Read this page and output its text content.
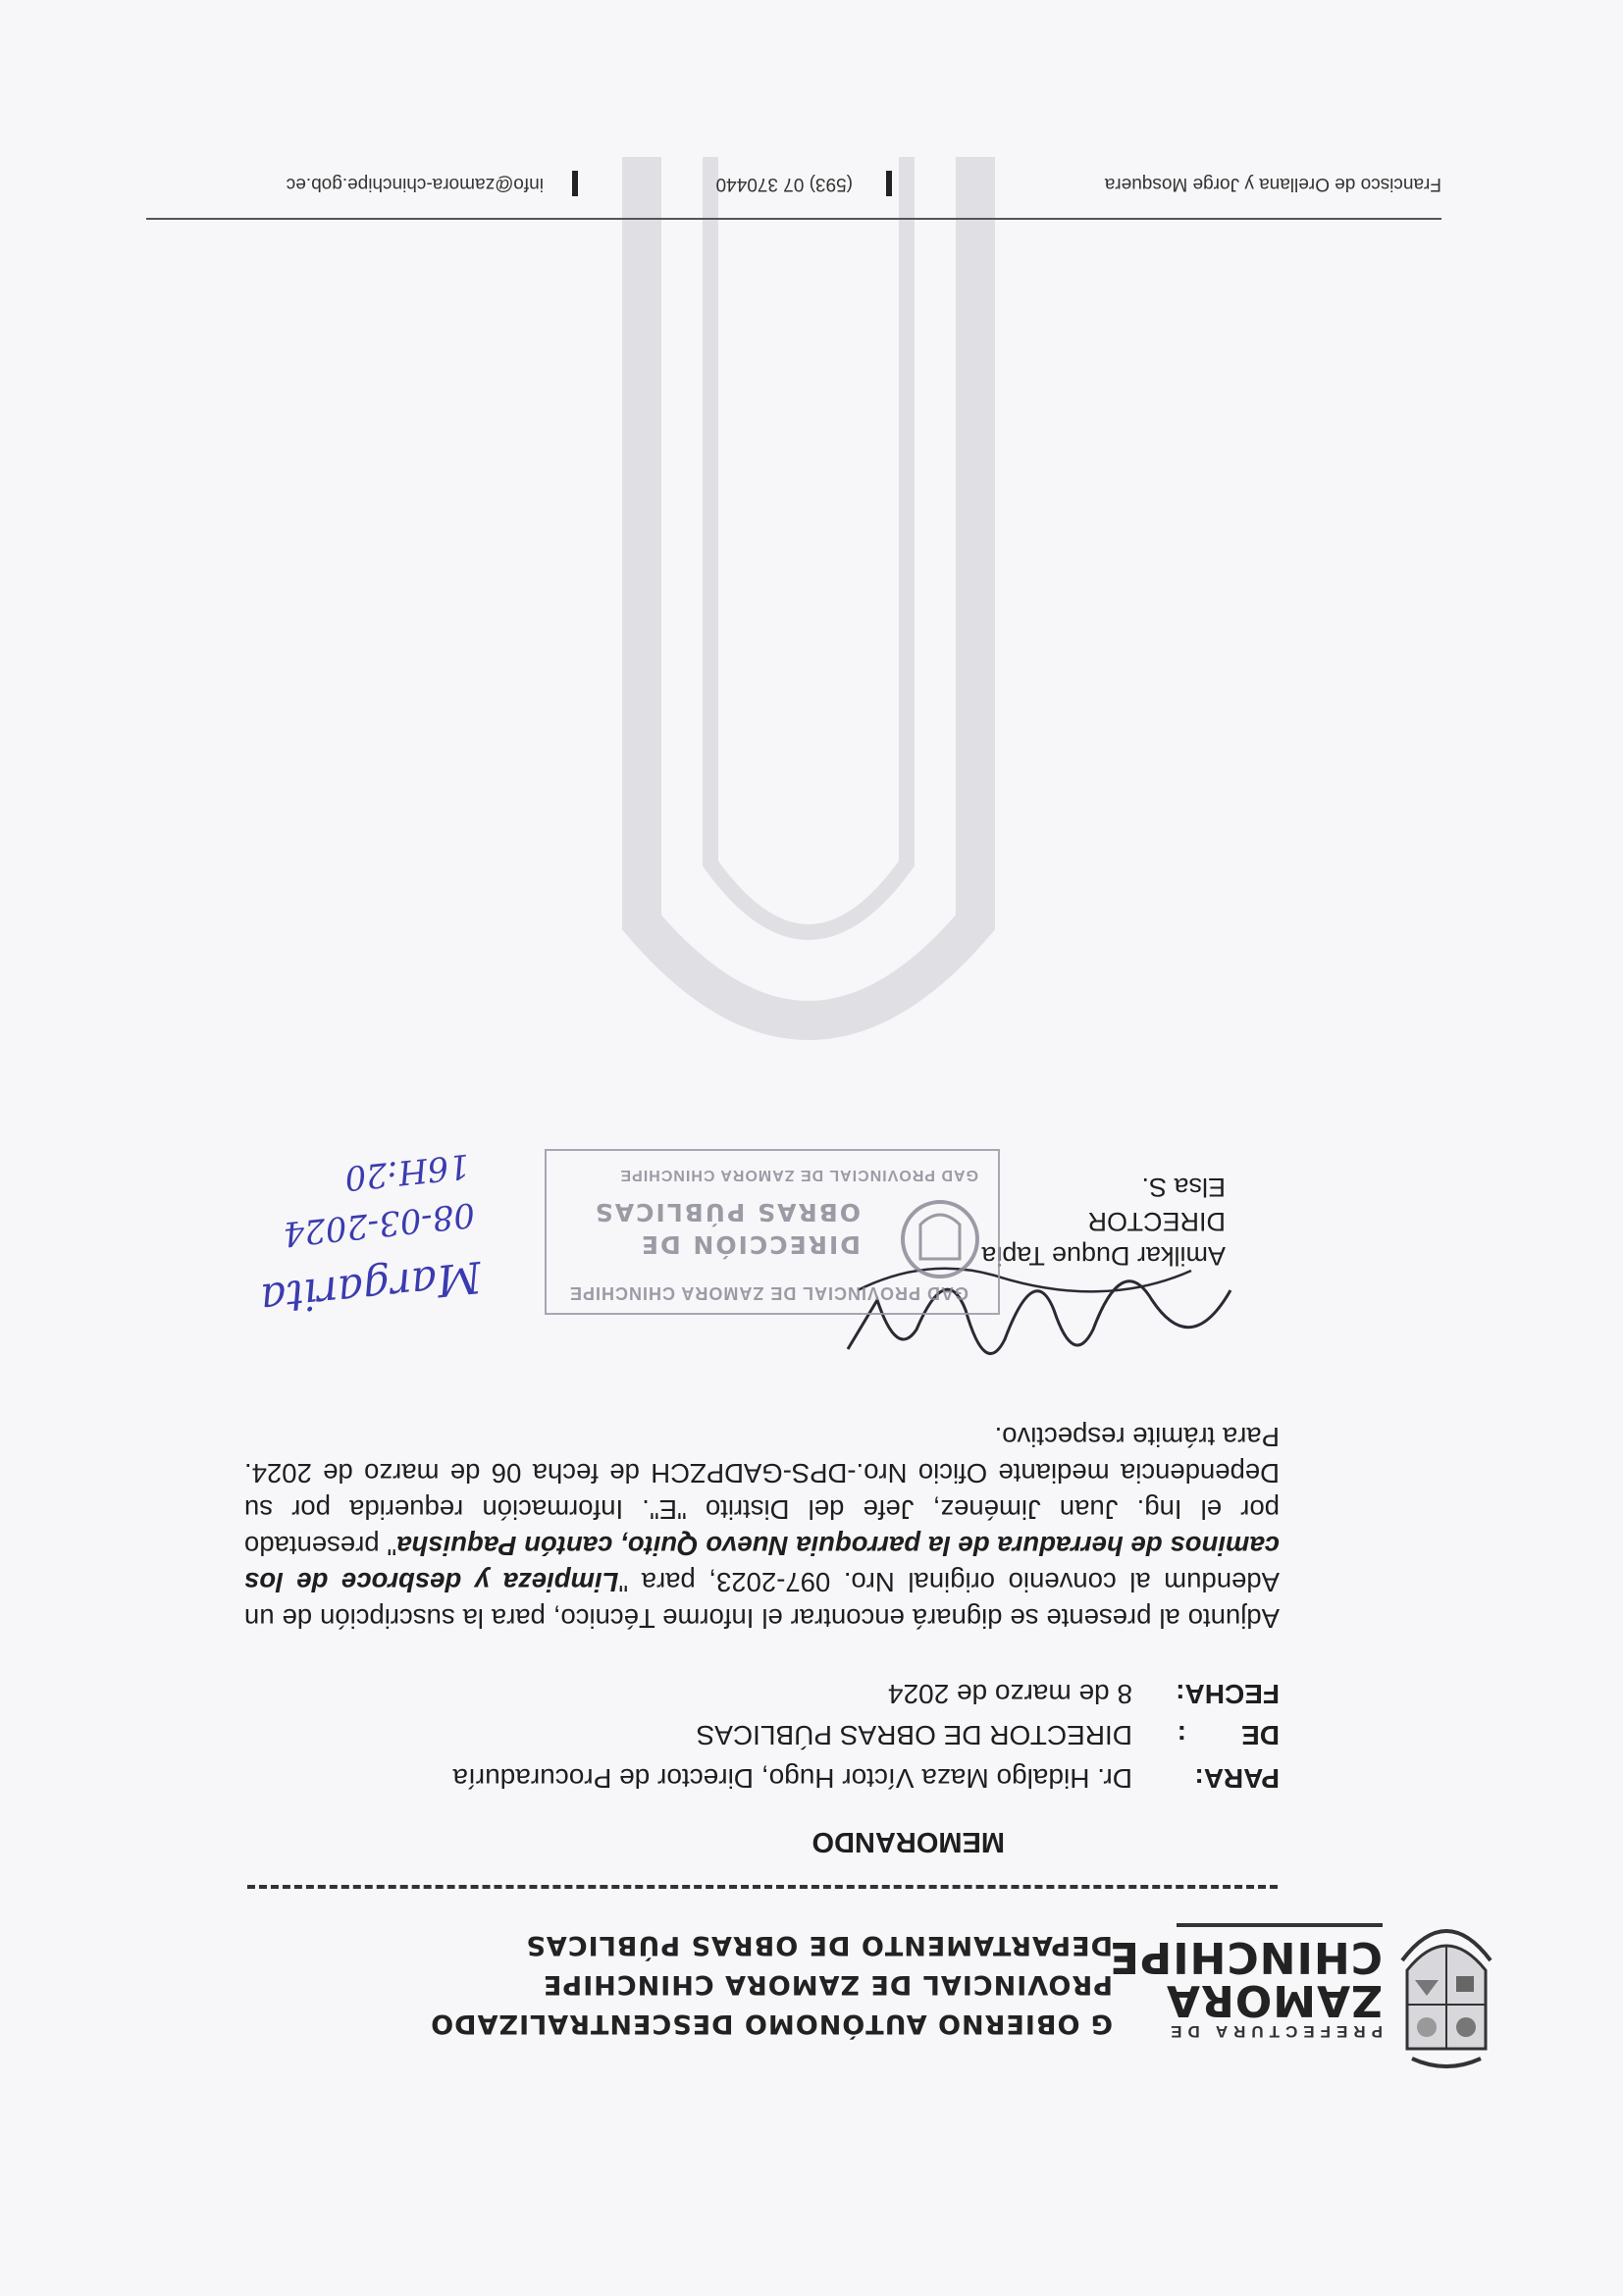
PREFECTURA DE
ZAMORA
CHINCHIPE
G OBIERNO AUTÓNOMO DESCENTRALIZADO
PROVINCIAL DE ZAMORA CHINCHIPE
DEPARTAMENTO DE OBRAS PÚBLICAS
MEMORANDO
PARA:Dr. Hidalgo Maza Víctor Hugo, Director de Procuraduría
DE:DIRECTOR DE OBRAS PÚBLICAS
FECHA:8 de marzo de 2024
Adjunto al presente se dignará encontrar el Informe Técnico, para la suscripción de un Adendum al convenio original Nro. 097-2023, para "Limpieza y desbroce de los caminos de herradura de la parroquia Nuevo Quito, cantón Paquisha" presentado por el Ing. Juan Jiménez, Jefe del Distrito "E". Información requerida por su Dependencia mediante Oficio Nro.-DPS-GADPZCH de fecha 06 de marzo de 2024. Para trámite respectivo.
Amilkar Duque Tapia
DIRECTOR
Elsa S.
GAD PROVINCIAL DE ZAMORA CHINCHIPE
DIRECCIÓN DE
OBRAS PÚBLICAS
GAD PROVINCIAL DE ZAMORA CHINCHIPE
Margarita
08-03-2024
16H:20
Francisco de Orellana y Jorge Mosquera
(593) 07 370440
info@zamora-chinchipe.gob.ec
